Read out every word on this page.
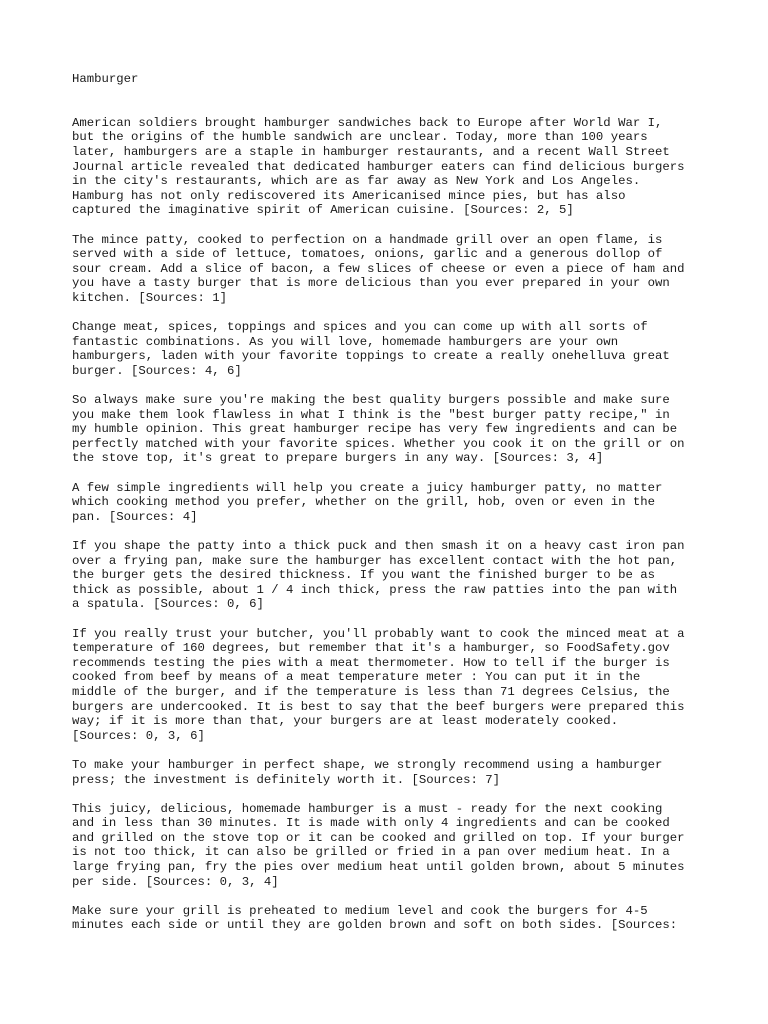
Hamburger

American soldiers brought hamburger sandwiches back to Europe after World War I,
but the origins of the humble sandwich are unclear. Today, more than 100 years
later, hamburgers are a staple in hamburger restaurants, and a recent Wall Street
Journal article revealed that dedicated hamburger eaters can find delicious burgers
in the city's restaurants, which are as far away as New York and Los Angeles.
Hamburg has not only rediscovered its Americanised mince pies, but has also
captured the imaginative spirit of American cuisine. [Sources: 2, 5]

The mince patty, cooked to perfection on a handmade grill over an open flame, is
served with a side of lettuce, tomatoes, onions, garlic and a generous dollop of
sour cream. Add a slice of bacon, a few slices of cheese or even a piece of ham and
you have a tasty burger that is more delicious than you ever prepared in your own
kitchen. [Sources: 1]

Change meat, spices, toppings and spices and you can come up with all sorts of
fantastic combinations. As you will love, homemade hamburgers are your own
hamburgers, laden with your favorite toppings to create a really onehelluva great
burger. [Sources: 4, 6]

So always make sure you're making the best quality burgers possible and make sure
you make them look flawless in what I think is the "best burger patty recipe," in
my humble opinion. This great hamburger recipe has very few ingredients and can be
perfectly matched with your favorite spices. Whether you cook it on the grill or on
the stove top, it's great to prepare burgers in any way. [Sources: 3, 4]

A few simple ingredients will help you create a juicy hamburger patty, no matter
which cooking method you prefer, whether on the grill, hob, oven or even in the
pan. [Sources: 4]

If you shape the patty into a thick puck and then smash it on a heavy cast iron pan
over a frying pan, make sure the hamburger has excellent contact with the hot pan,
the burger gets the desired thickness. If you want the finished burger to be as
thick as possible, about 1 / 4 inch thick, press the raw patties into the pan with
a spatula. [Sources: 0, 6]

If you really trust your butcher, you'll probably want to cook the minced meat at a
temperature of 160 degrees, but remember that it's a hamburger, so FoodSafety.gov
recommends testing the pies with a meat thermometer. How to tell if the burger is
cooked from beef by means of a meat temperature meter : You can put it in the
middle of the burger, and if the temperature is less than 71 degrees Celsius, the
burgers are undercooked. It is best to say that the beef burgers were prepared this
way; if it is more than that, your burgers are at least moderately cooked.
[Sources: 0, 3, 6]

To make your hamburger in perfect shape, we strongly recommend using a hamburger
press; the investment is definitely worth it. [Sources: 7]

This juicy, delicious, homemade hamburger is a must - ready for the next cooking
and in less than 30 minutes. It is made with only 4 ingredients and can be cooked
and grilled on the stove top or it can be cooked and grilled on top. If your burger
is not too thick, it can also be grilled or fried in a pan over medium heat. In a
large frying pan, fry the pies over medium heat until golden brown, about 5 minutes
per side. [Sources: 0, 3, 4]

Make sure your grill is preheated to medium level and cook the burgers for 4-5
minutes each side or until they are golden brown and soft on both sides. [Sources:
